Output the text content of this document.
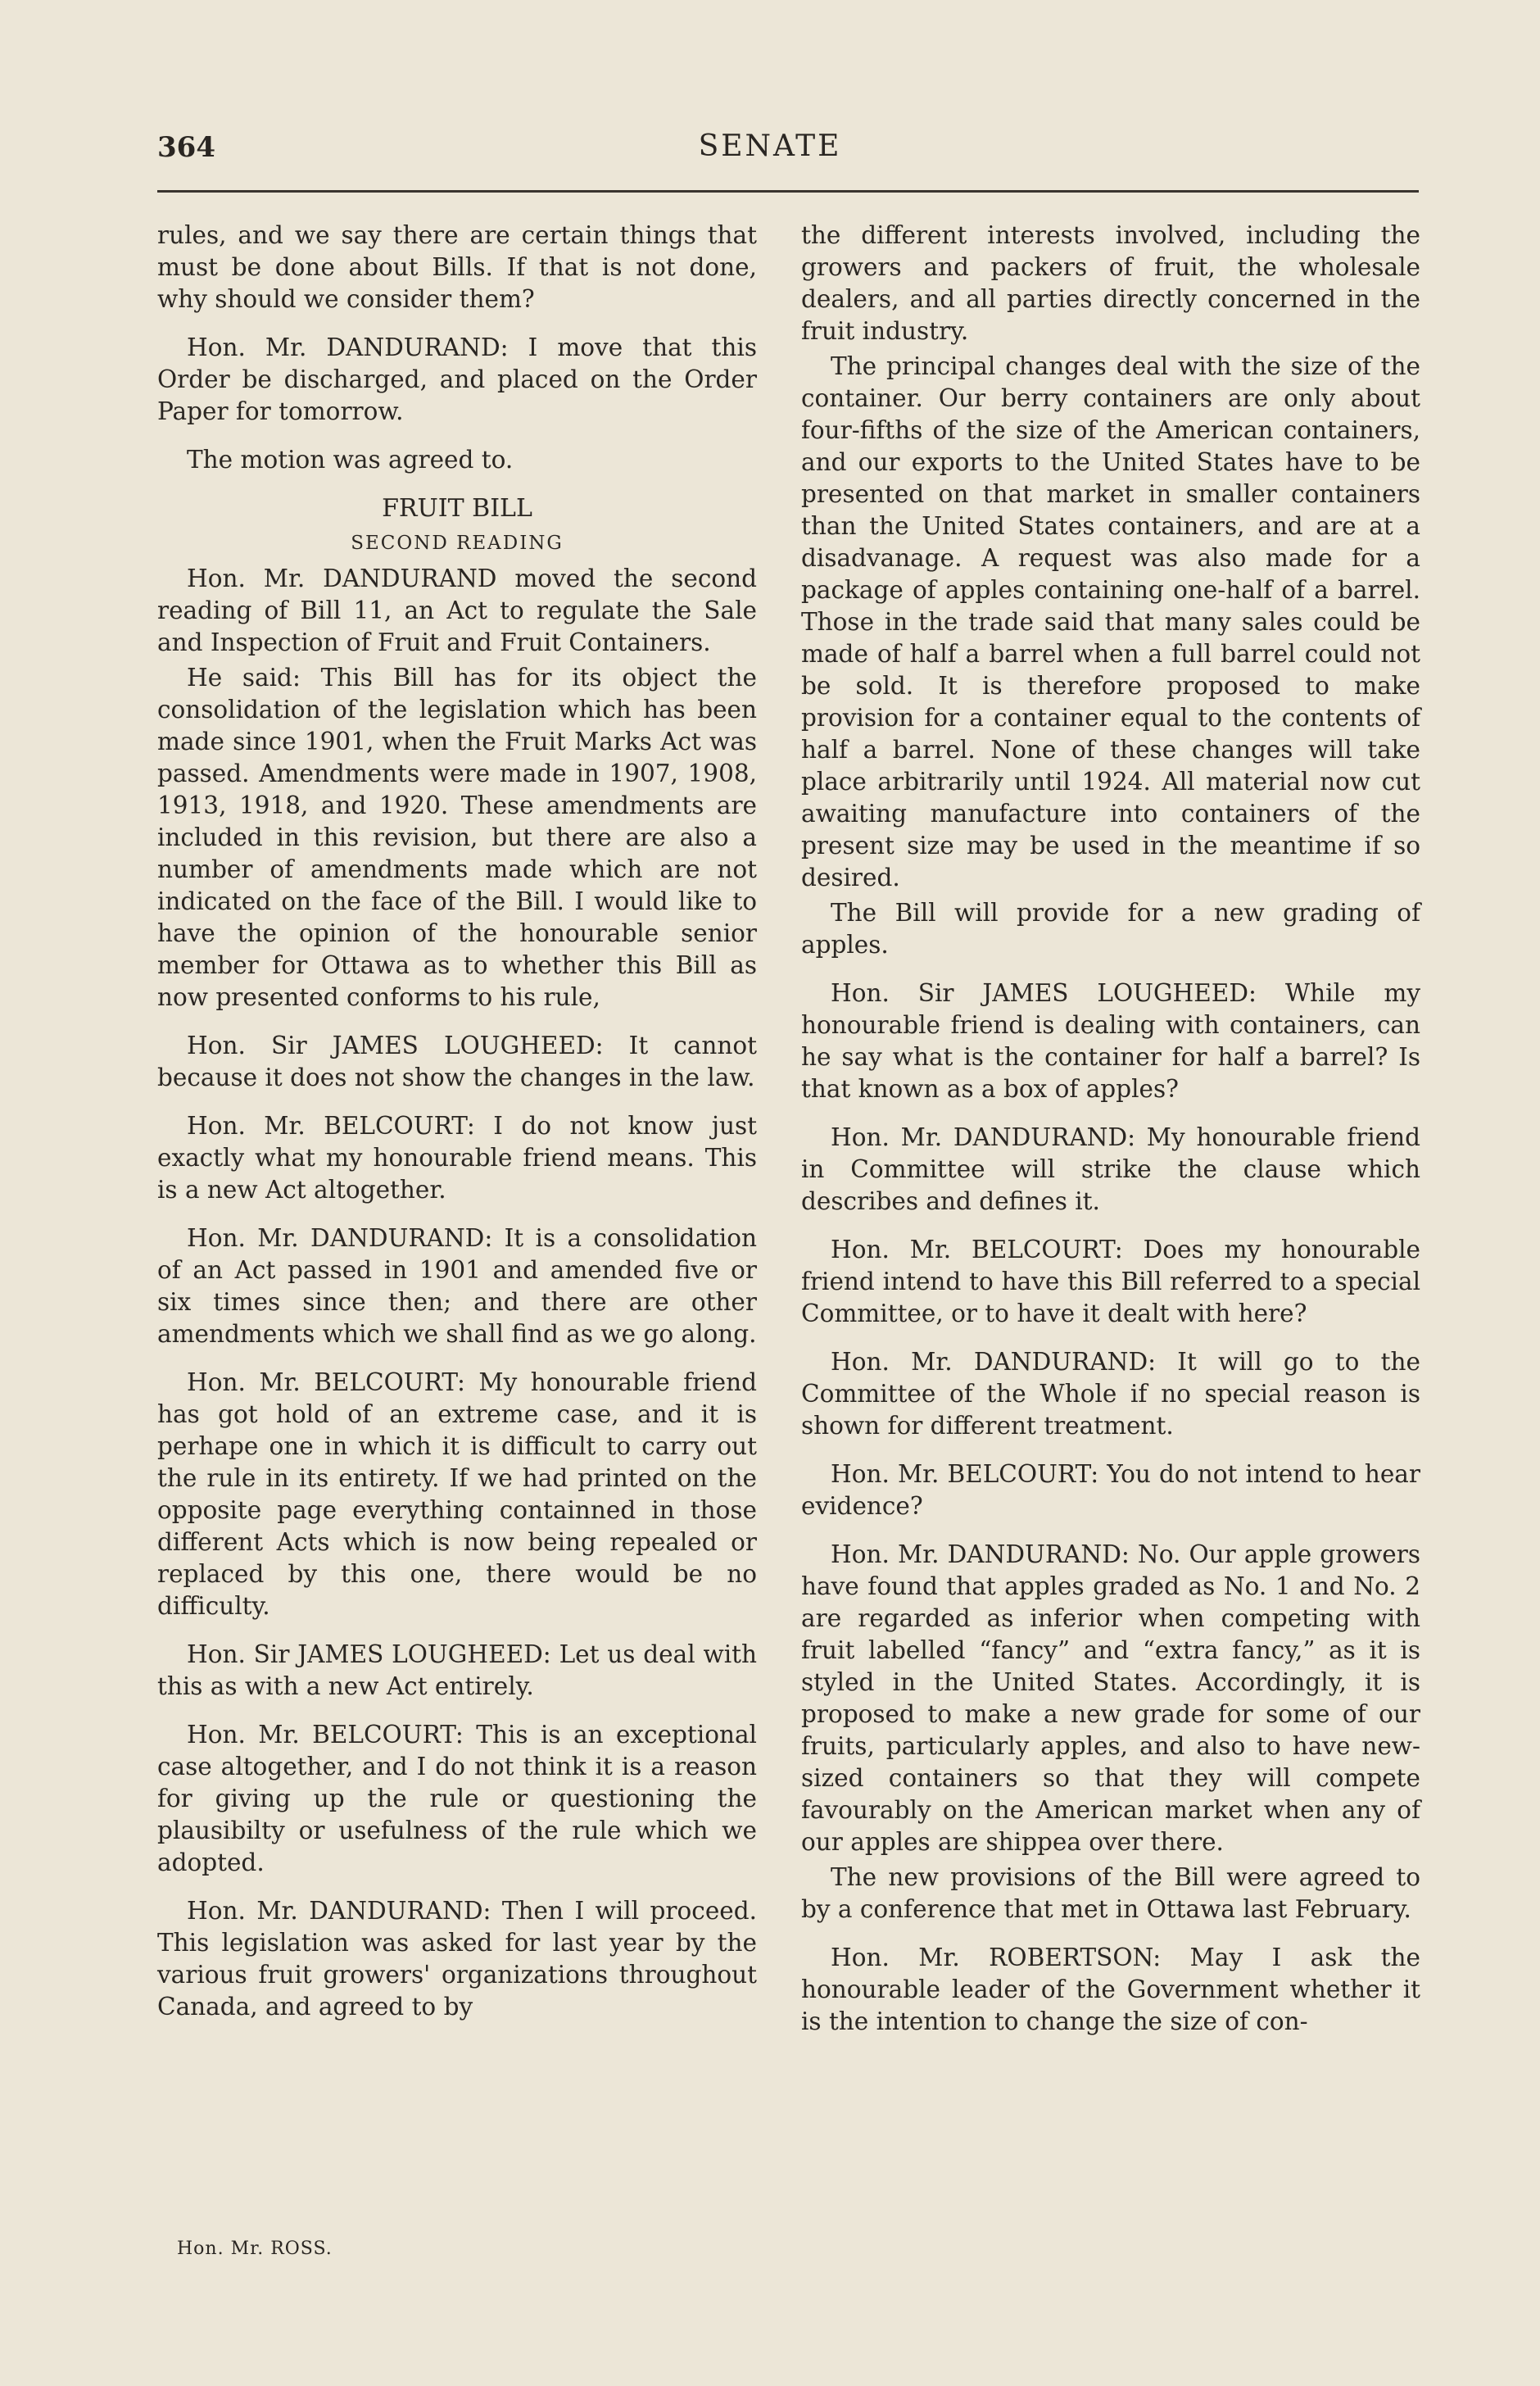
364	SENATE

rules, and we say there are certain things that must be done about Bills. If that is not done, why should we consider them?

Hon. Mr. DANDURAND: I move that this Order be discharged, and placed on the Order Paper for tomorrow.

The motion was agreed to.

FRUIT BILL

SECOND READING

Hon. Mr. DANDURAND moved the second reading of Bill 11, an Act to regulate the Sale and Inspection of Fruit and Fruit Containers.

He said: This Bill has for its object the consolidation of the legislation which has been made since 1901, when the Fruit Marks Act was passed. Amendments were made in 1907, 1908, 1913, 1918, and 1920. These amendments are included in this revision, but there are also a number of amendments made which are not indicated on the face of the Bill. I would like to have the opinion of the honourable senior member for Ottawa as to whether this Bill as now presented conforms to his rule,

Hon. Sir JAMES LOUGHEED: It cannot because it does not show the changes in the law.

Hon. Mr. BELCOURT: I do not know just exactly what my honourable friend means. This is a new Act altogether.

Hon. Mr. DANDURAND: It is a consolidation of an Act passed in 1901 and amended five or six times since then; and there are other amendments which we shall find as we go along.

Hon. Mr. BELCOURT: My honourable friend has got hold of an extreme case, and it is perhape one in which it is difficult to carry out the rule in its entirety. If we had printed on the opposite page everything containned in those different Acts which is now being repealed or replaced by this one, there would be no difficulty.

Hon. Sir JAMES LOUGHEED: Let us deal with this as with a new Act entirely.

Hon. Mr. BELCOURT: This is an exceptional case altogether, and I do not think it is a reason for giving up the rule or questioning the plausibilty or usefulness of the rule which we adopted.

Hon. Mr. DANDURAND: Then I will proceed. This legislation was asked for last year by the various fruit growers' organizations throughout Canada, and agreed to by

the different interests involved, including the growers and packers of fruit, the wholesale dealers, and all parties directly concerned in the fruit industry.

The principal changes deal with the size of the container. Our berry containers are only about four-fifths of the size of the American containers, and our exports to the United States have to be presented on that market in smaller containers than the United States containers, and are at a disadvanage. A request was also made for a package of apples containing one-half of a barrel. Those in the trade said that many sales could be made of half a barrel when a full barrel could not be sold. It is therefore proposed to make provision for a container equal to the contents of half a barrel. None of these changes will take place arbitrarily until 1924. All material now cut awaiting manufacture into containers of the present size may be used in the meantime if so desired.

The Bill will provide for a new grading of apples.

Hon. Sir JAMES LOUGHEED: While my honourable friend is dealing with containers, can he say what is the container for half a barrel? Is that known as a box of apples?

Hon. Mr. DANDURAND: My honourable friend in Committee will strike the clause which describes and defines it.

Hon. Mr. BELCOURT: Does my honourable friend intend to have this Bill referred to a special Committee, or to have it dealt with here?

Hon. Mr. DANDURAND: It will go to the Committee of the Whole if no special reason is shown for different treatment.

Hon. Mr. BELCOURT: You do not intend to hear evidence?

Hon. Mr. DANDURAND: No. Our apple growers have found that apples graded as No. 1 and No. 2 are regarded as inferior when competing with fruit labelled “fancy” and “extra fancy,” as it is styled in the United States. Accordingly, it is proposed to make a new grade for some of our fruits, particularly apples, and also to have new-sized containers so that they will compete favourably on the American market when any of our apples are shippea over there.

The new provisions of the Bill were agreed to by a conference that met in Ottawa last February.

Hon. Mr. ROBERTSON: May I ask the honourable leader of the Government whether it is the intention to change the size of con-

Hon. Mr. ROSS.
